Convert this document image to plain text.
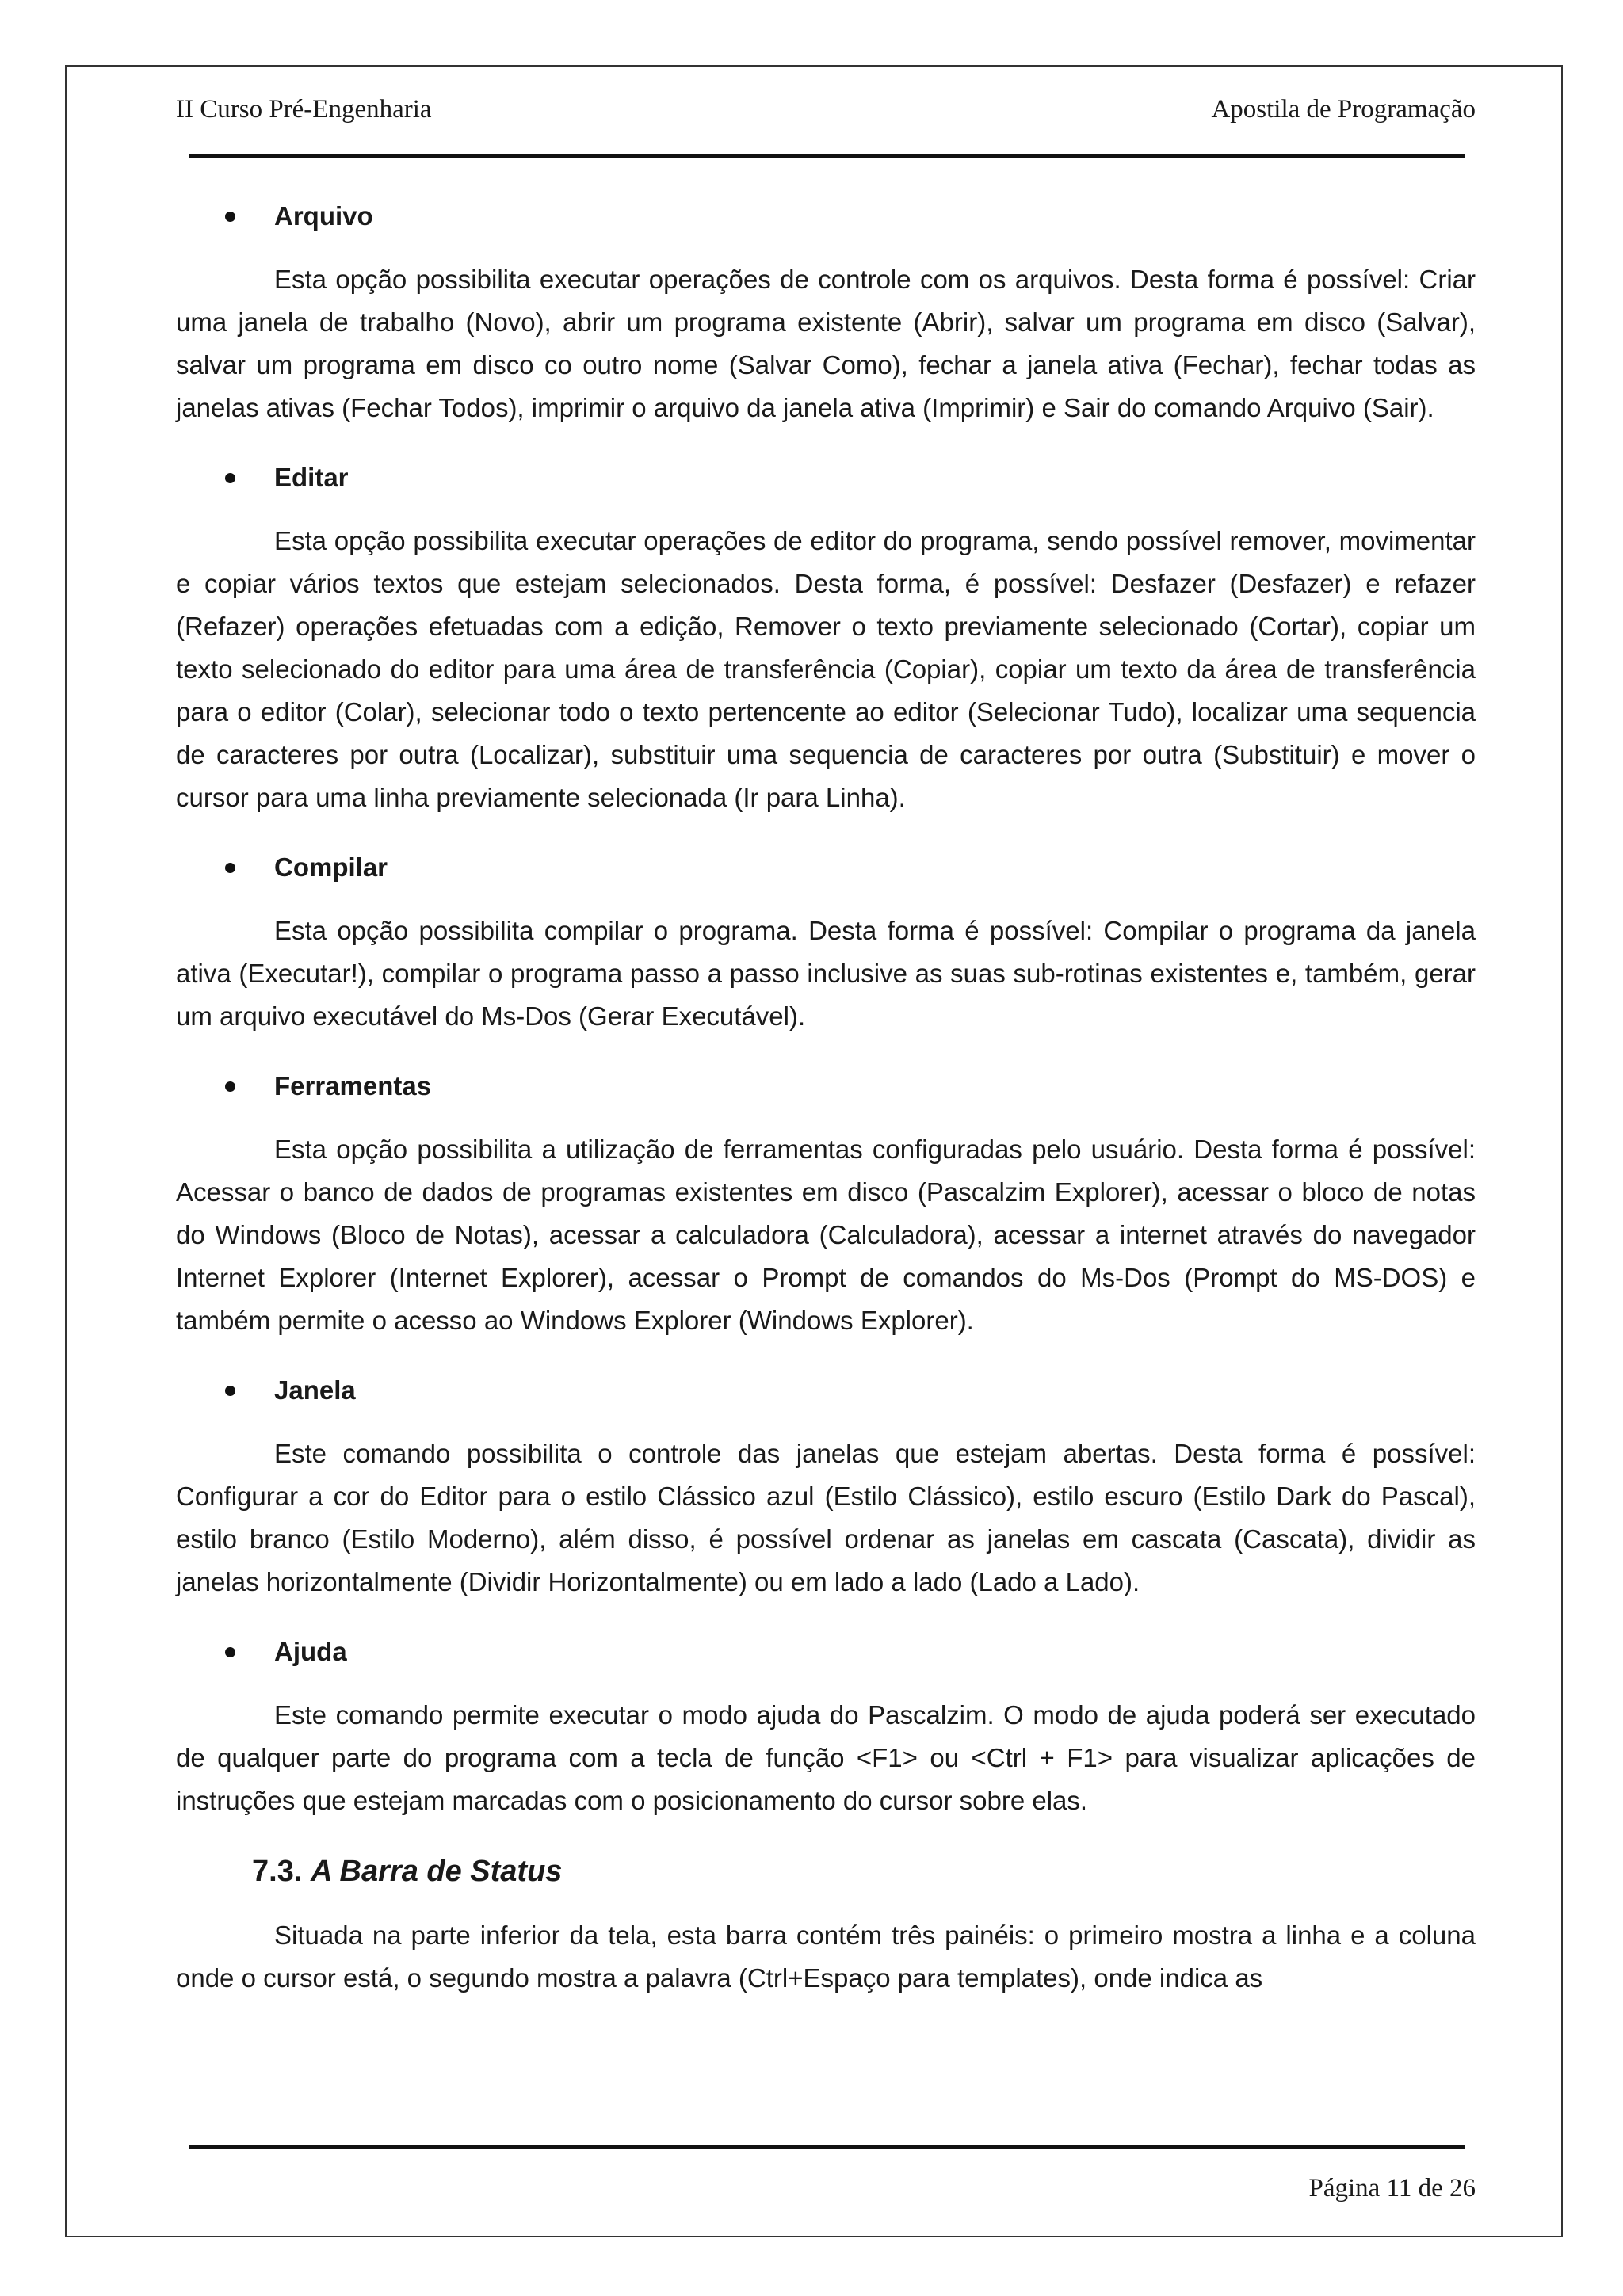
II Curso Pré-Engenharia	Apostila de Programação
Arquivo

Esta opção possibilita executar operações de controle com os arquivos. Desta forma é possível: Criar uma janela de trabalho (Novo), abrir um programa existente (Abrir), salvar um programa em disco (Salvar), salvar um programa em disco co outro nome (Salvar Como), fechar a janela ativa (Fechar), fechar todas as janelas ativas (Fechar Todos), imprimir o arquivo da janela ativa (Imprimir) e Sair do comando Arquivo (Sair).

Editar

Esta opção possibilita executar operações de editor do programa, sendo possível remover, movimentar e copiar vários textos que estejam selecionados. Desta forma, é possível: Desfazer (Desfazer) e refazer (Refazer) operações efetuadas com a edição, Remover o texto previamente selecionado (Cortar), copiar um texto selecionado do editor para uma área de transferência (Copiar), copiar um texto da área de transferência para o editor (Colar), selecionar todo o texto pertencente ao editor (Selecionar Tudo), localizar uma sequencia de caracteres por outra (Localizar), substituir uma sequencia de caracteres por outra (Substituir) e mover o cursor para uma linha previamente selecionada (Ir para Linha).

Compilar

Esta opção possibilita compilar o programa. Desta forma é possível: Compilar o programa da janela ativa (Executar!), compilar o programa passo a passo inclusive as suas sub-rotinas existentes e, também, gerar um arquivo executável do Ms-Dos (Gerar Executável).

Ferramentas

Esta opção possibilita a utilização de ferramentas configuradas pelo usuário. Desta forma é possível: Acessar o banco de dados de programas existentes em disco (Pascalzim Explorer), acessar o bloco de notas do Windows (Bloco de Notas), acessar a calculadora (Calculadora), acessar a internet através do navegador Internet Explorer (Internet Explorer), acessar o Prompt de comandos do Ms-Dos (Prompt do MS-DOS) e também permite o acesso ao Windows Explorer (Windows Explorer).

Janela

Este comando possibilita o controle das janelas que estejam abertas. Desta forma é possível: Configurar a cor do Editor para o estilo Clássico azul (Estilo Clássico), estilo escuro (Estilo Dark do Pascal), estilo branco (Estilo Moderno), além disso, é possível ordenar as janelas em cascata (Cascata), dividir as janelas horizontalmente (Dividir Horizontalmente) ou em lado a lado (Lado a Lado).

Ajuda

Este comando permite executar o modo ajuda do Pascalzim. O modo de ajuda poderá ser executado de qualquer parte do programa com a tecla de função <F1> ou <Ctrl + F1> para visualizar aplicações de instruções que estejam marcadas com o posicionamento do cursor sobre elas.

7.3. A Barra de Status

Situada na parte inferior da tela, esta barra contém três painéis: o primeiro mostra a linha e a coluna onde o cursor está, o segundo mostra a palavra (Ctrl+Espaço para templates), onde indica as

Página 11 de 26
